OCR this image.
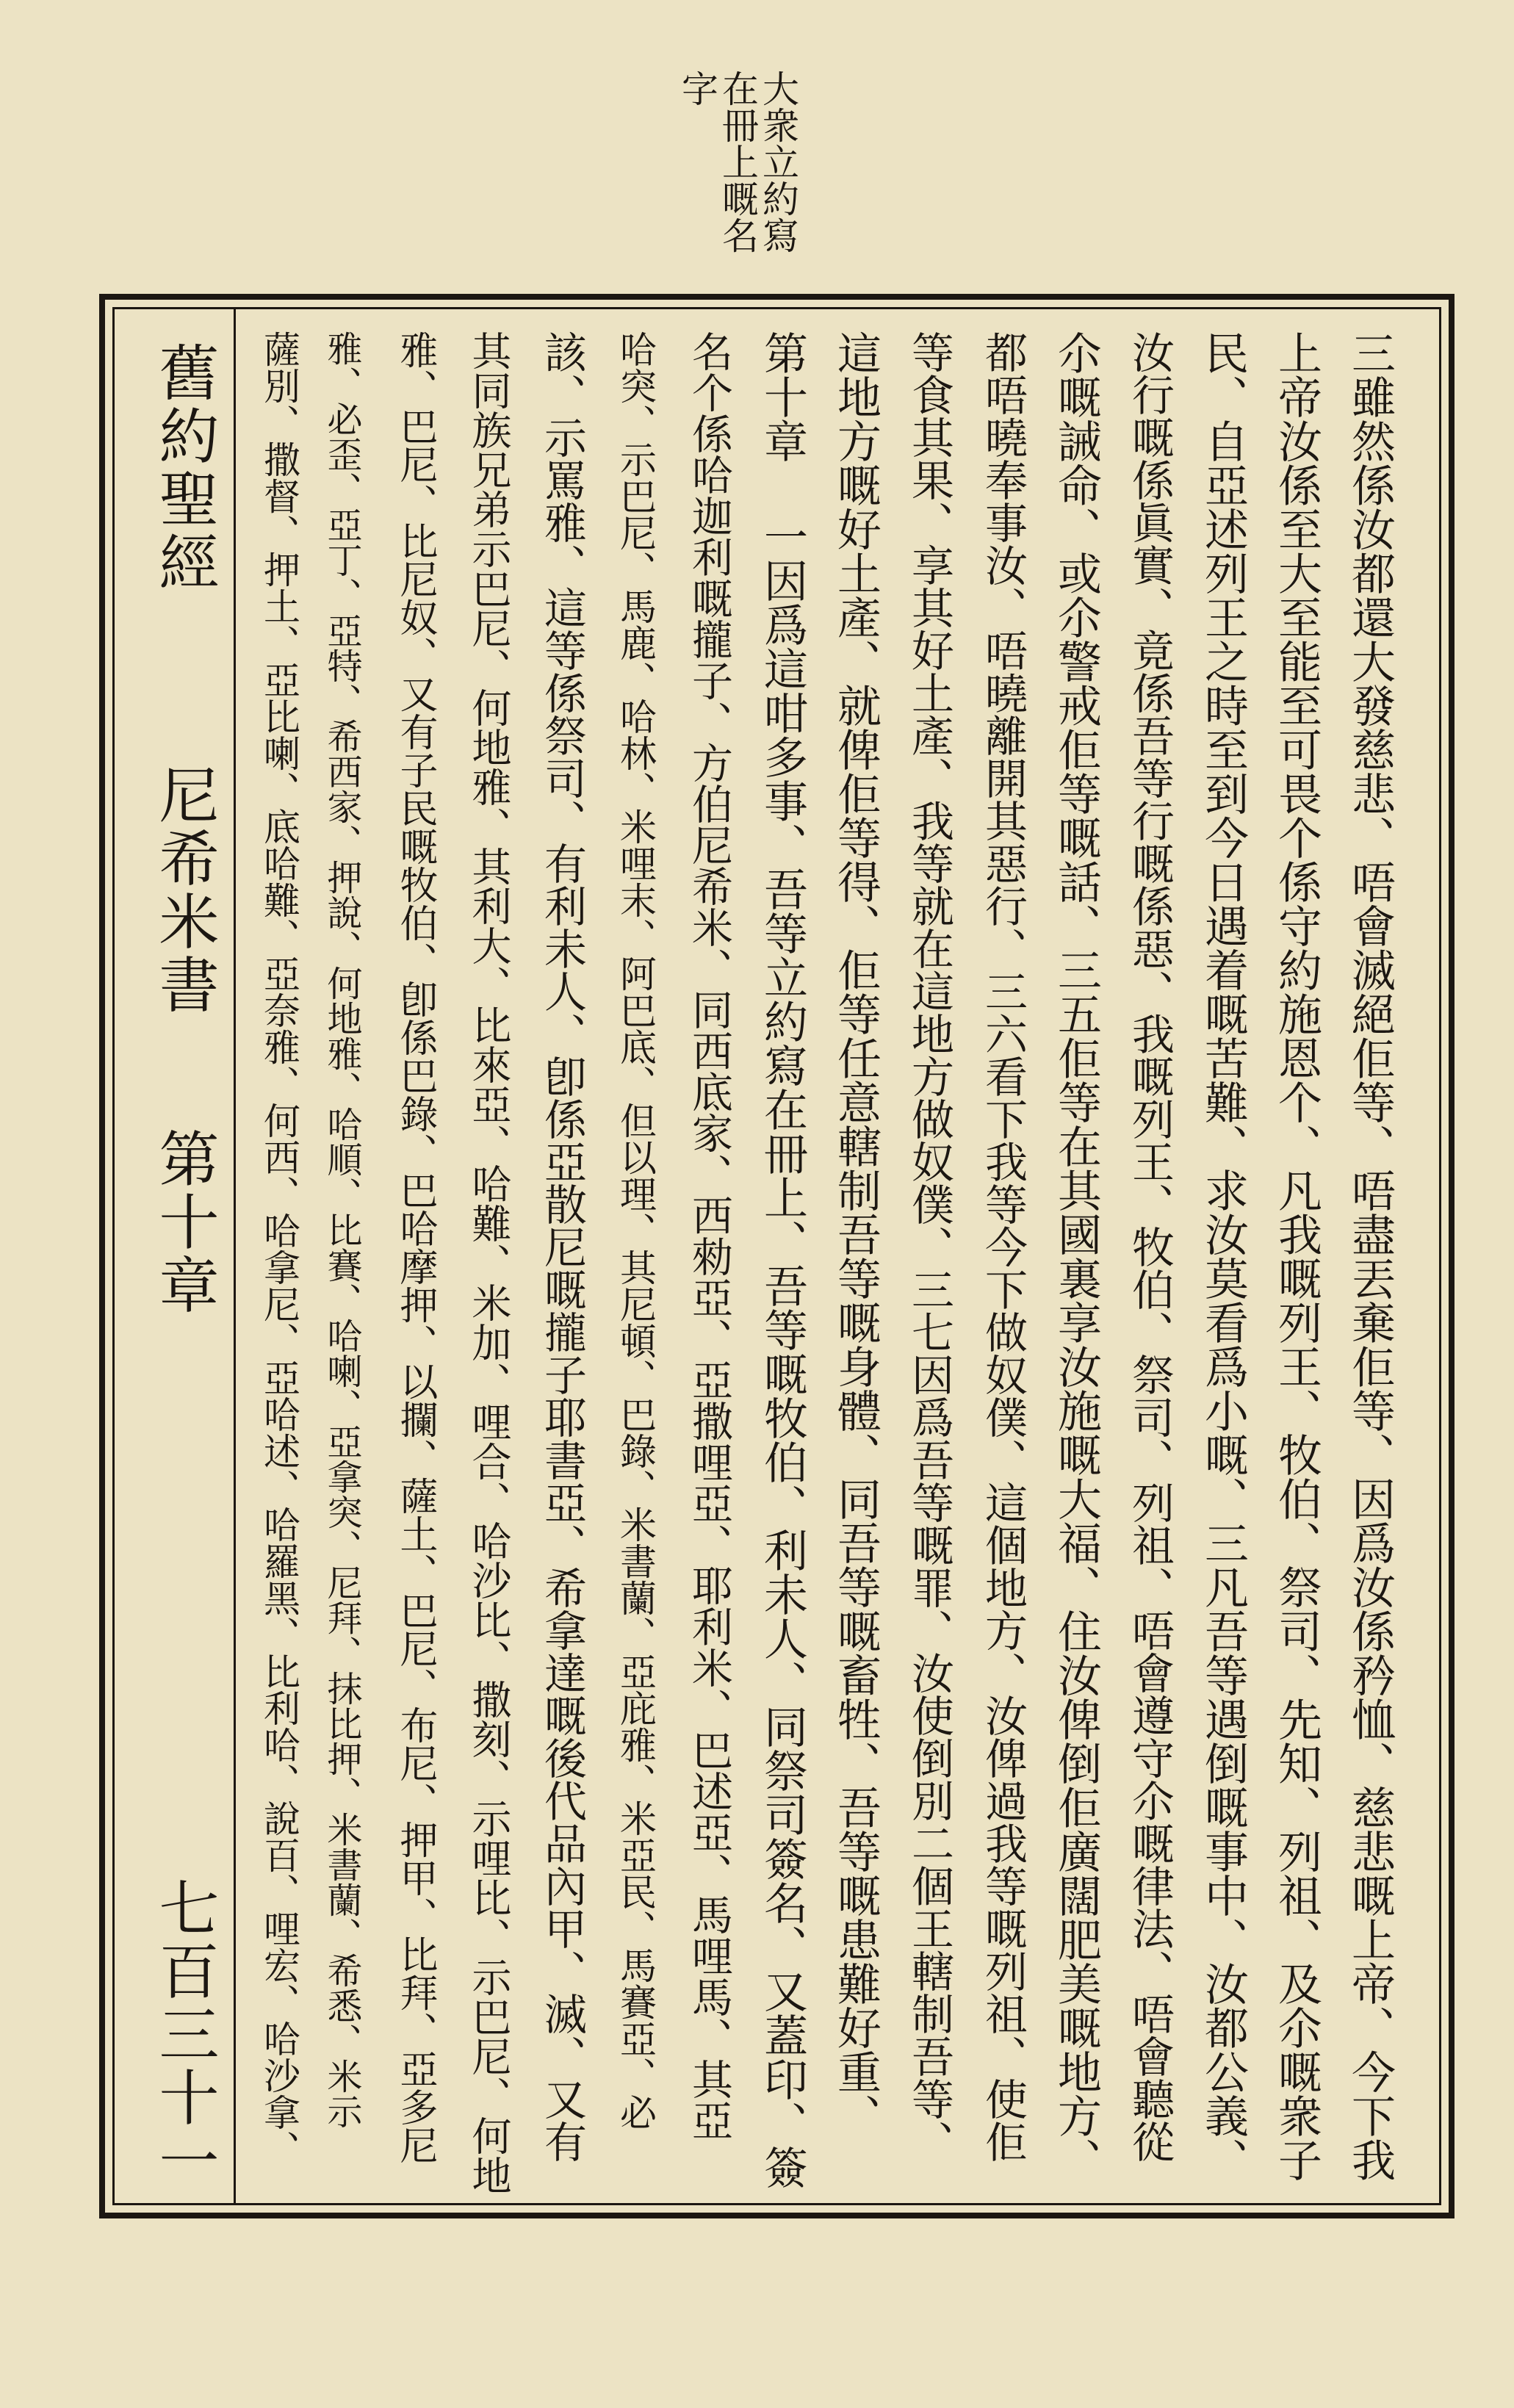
大衆立約寫
在冊上嘅名
字
舊約聖經
尼希米書
第十章
七百三十一	三雖然係汝都還大發慈悲、唔會滅絕佢等、唔盡丟棄佢等、因爲汝係矜恤、慈悲嘅上帝、今下我
上帝汝係至大至能至可畏个係守約施恩个、凡我嘅列王、牧伯、祭司、先知、列祖、及尒嘅衆子
民、自亞述列王之時至到今日遇着嘅苦難、求汝莫看爲小嘅、三凡吾等遇倒嘅事中、汝都公義、
汝行嘅係眞實、竟係吾等行嘅係惡、我嘅列王、牧伯、祭司、列祖、唔會遵守尒嘅律法、唔會聽從
尒嘅誡命、或尒警戒佢等嘅話、三五佢等在其國裏享汝施嘅大福、住汝俾倒佢廣闊肥美嘅地方、
都唔曉奉事汝、唔曉離開其惡行、三六看下我等今下做奴僕、這個地方、汝俾過我等嘅列祖、使佢
等食其果、享其好土產、我等就在這地方做奴僕、三七因爲吾等嘅罪、汝使倒別二個王轄制吾等、
這地方嘅好土產、就俾佢等得、佢等任意轄制吾等嘅身體、同吾等嘅畜牲、吾等嘅患難好重、
第十章 一因爲這咁多事、吾等立約寫在冊上、吾等嘅牧伯、利未人、同祭司簽名、又蓋印、簽
名个係哈迦利嘅攏子、方伯尼希米、同西底家、西勑亞、亞撒哩亞、耶利米、巴述亞、馬哩馬、其亞
哈突、示巴尼、馬鹿、哈林、米哩末、阿巴底、但以理、其尼頓、巴錄、米書蘭、亞庇雅、米亞民、馬賽亞、必
該、示罵雅、這等係祭司、有利未人、卽係亞散尼嘅攏子耶書亞、希拿達嘅後代品內甲、滅、又有
其同族兄弟示巴尼、何地雅、其利大、比來亞、哈難、米加、哩合、哈沙比、撒刻、示哩比、示巴尼、何地
雅、巴尼、比尼奴、又有子民嘅牧伯、卽係巴錄、巴哈摩押、以攔、薩土、巴尼、布尼、押甲、比拜、亞多尼
雅、必歪、亞丁、亞特、希西家、押說、何地雅、哈順、比賽、哈喇、亞拿突、尼拜、抹比押、米書蘭、希悉、米示
薩別、撒督、押土、亞比喇、底哈難、亞奈雅、何西、哈拿尼、亞哈述、哈羅黑、比利哈、說百、哩宏、哈沙拿、
